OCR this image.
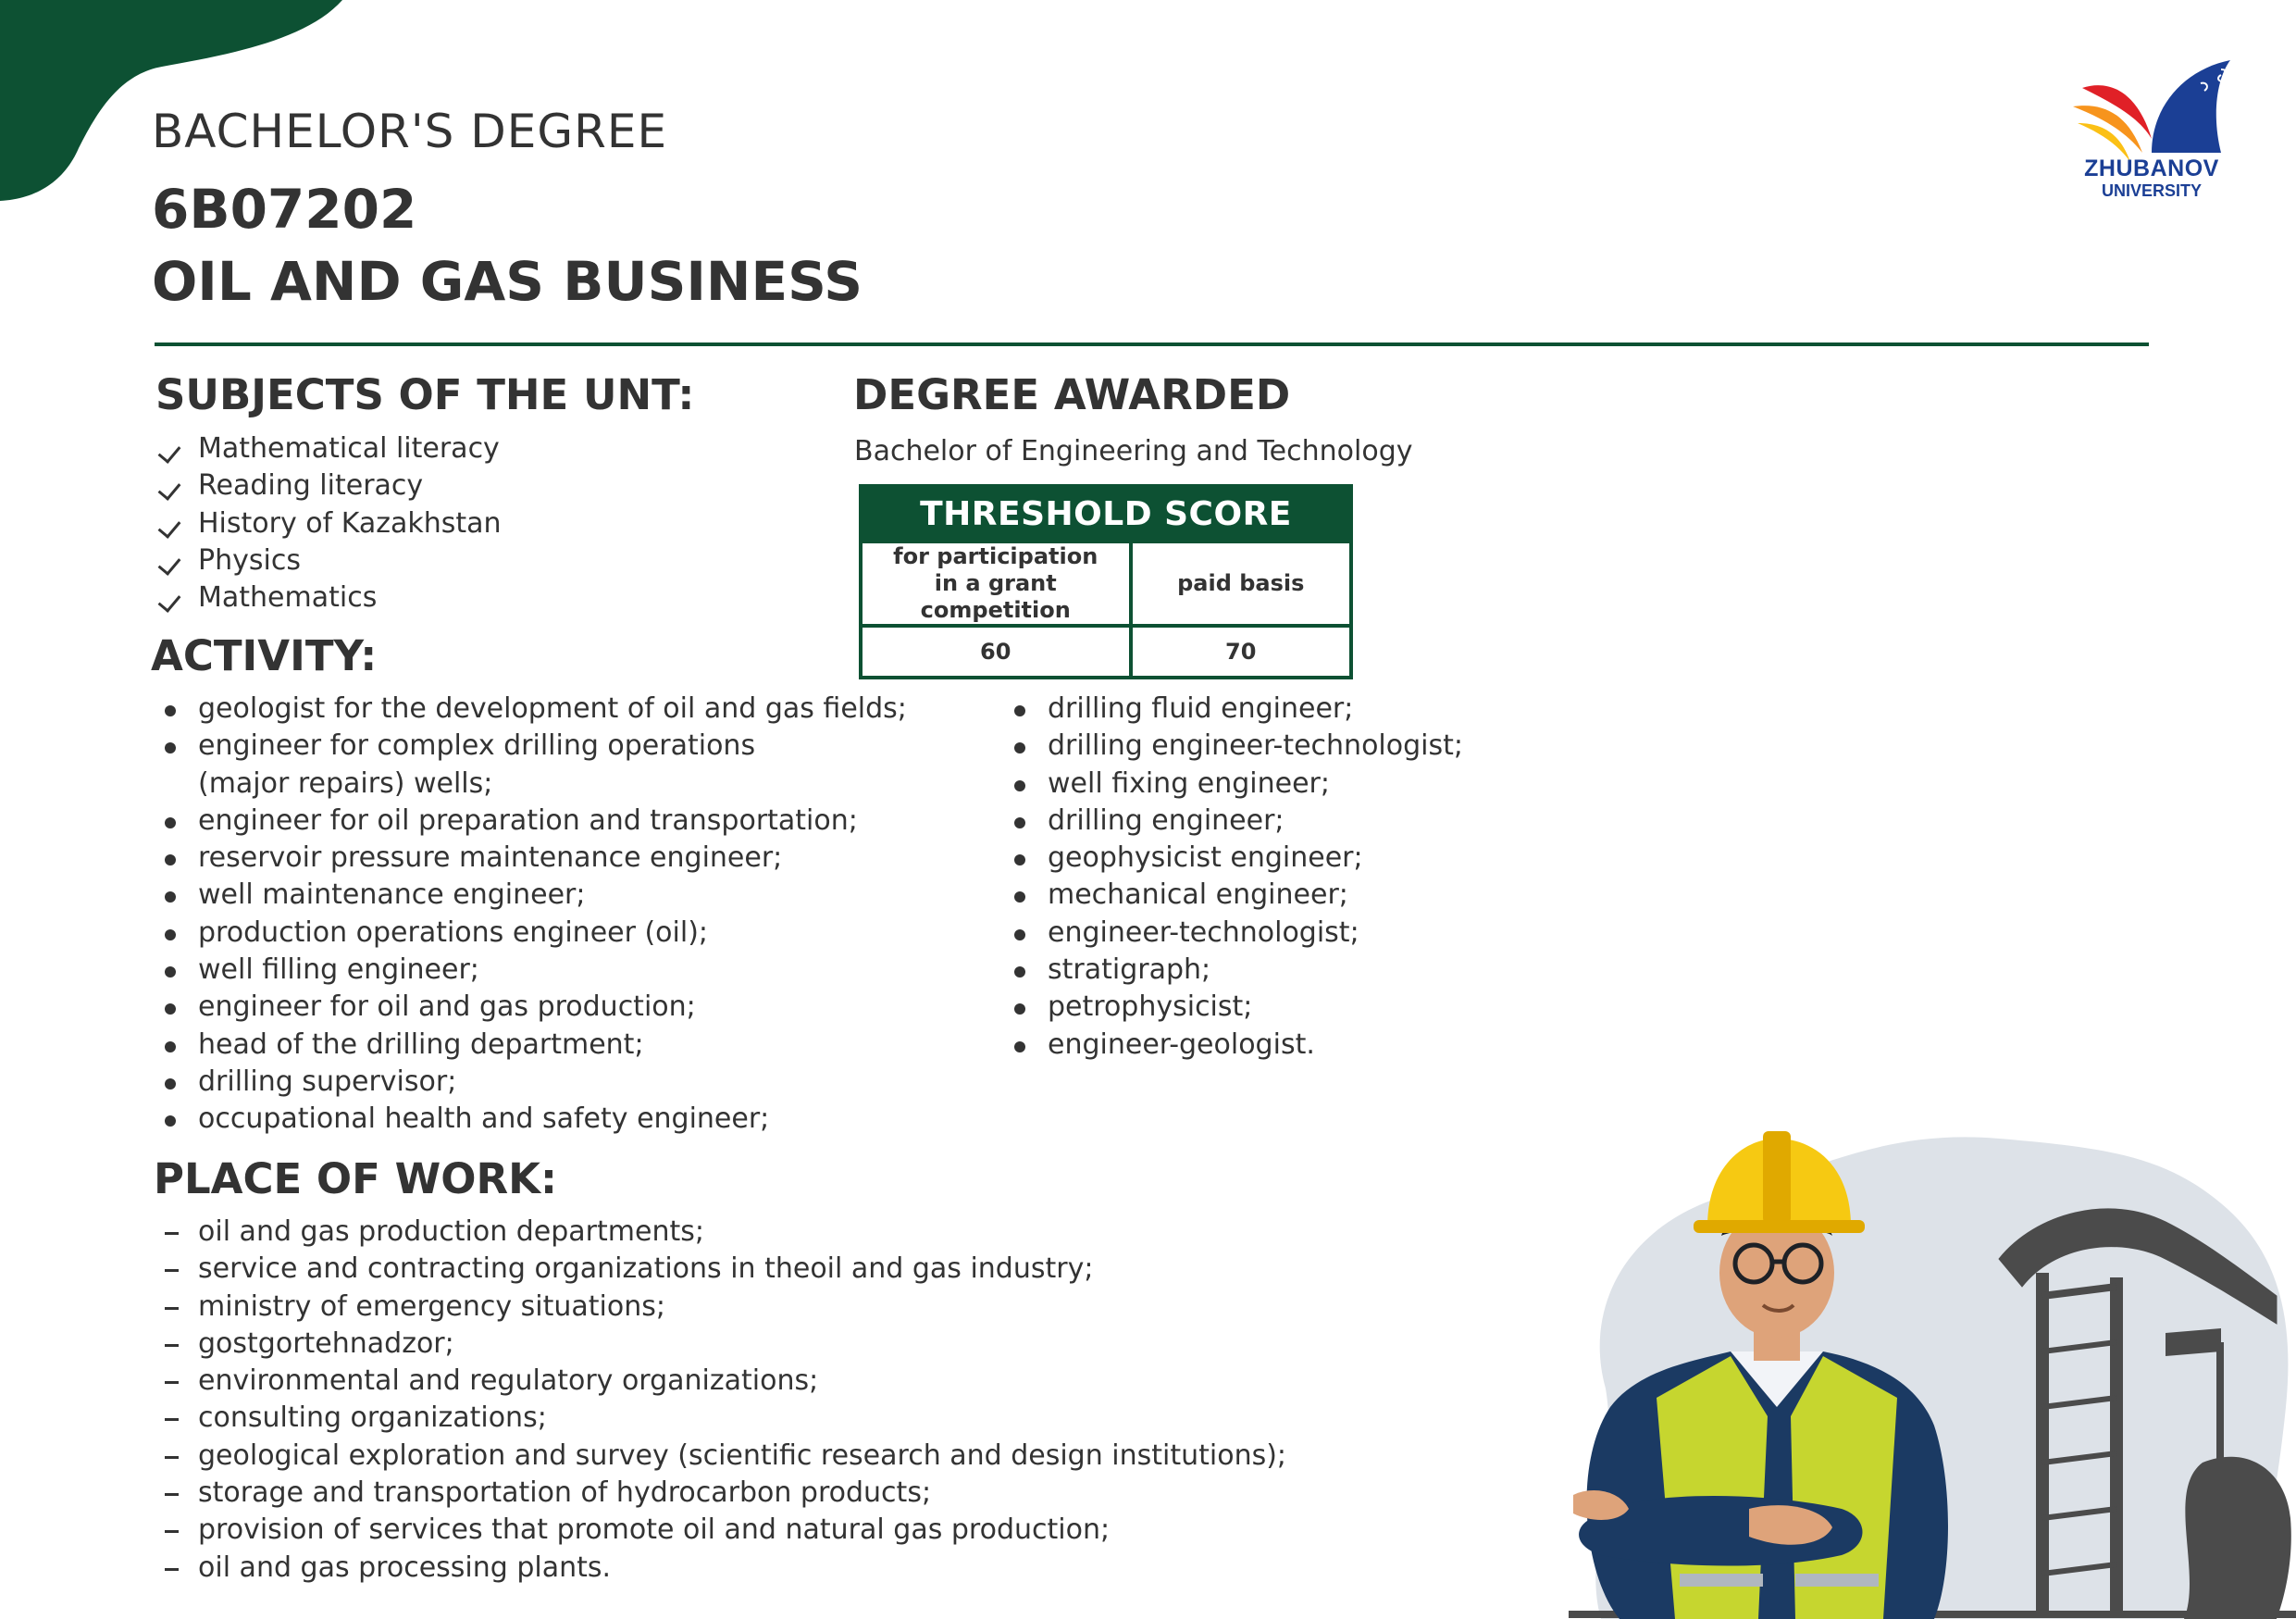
ZHUBANOV
UNIVERSITY
BACHELOR'S DEGREE
6B07202
OIL AND GAS BUSINESS
SUBJECTS OF THE UNT:
Mathematical literacy
Reading literacy
History of Kazakhstan
Physics
Mathematics
DEGREE AWARDED
Bachelor of Engineering and Technology
THRESHOLD SCORE	

for participation
in a grant competition	paid basis
60	70
ACTIVITY:
geologist for the development of oil and gas fields;
engineer for complex drilling operations
(major repairs) wells;
engineer for oil preparation and transportation;
reservoir pressure maintenance engineer;
well maintenance engineer;
production operations engineer (oil);
well filling engineer;
engineer for oil and gas production;
head of the drilling department;
drilling supervisor;
occupational health and safety engineer;
drilling fluid engineer;
drilling engineer-technologist;
well fixing engineer;
drilling engineer;
geophysicist engineer;
mechanical engineer;
engineer-technologist;
stratigraph;
petrophysicist;
engineer-geologist.
PLACE OF WORK:
oil and gas production departments;
service and contracting organizations in theoil and gas industry;
ministry of emergency situations;
gostgortehnadzor;
environmental and regulatory organizations;
consulting organizations;
geological exploration and survey (scientific research and design institutions);
storage and transportation of hydrocarbon products;
provision of services that promote oil and natural gas production;
oil and gas processing plants.
